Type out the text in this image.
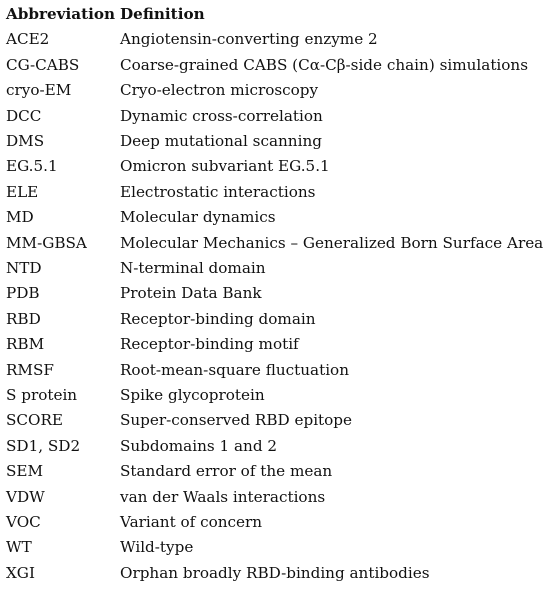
Abbreviation Definition
ACE2	Angiotensin-converting enzyme 2
CG-CABS	Coarse-grained CABS (Cα-Cβ-side chain) simulations
cryo-EM	Cryo-electron microscopy
DCC	Dynamic cross-correlation
DMS	Deep mutational scanning
EG.5.1	Omicron subvariant EG.5.1
ELE	Electrostatic interactions
MD	Molecular dynamics
MM-GBSA	Molecular Mechanics – Generalized Born Surface Area
NTD	N-terminal domain
PDB	Protein Data Bank
RBD	Receptor-binding domain
RBM	Receptor-binding motif
RMSF	Root-mean-square fluctuation
S protein	Spike glycoprotein
SCORE	Super-conserved RBD epitope
SD1, SD2	Subdomains 1 and 2
SEM	Standard error of the mean
VDW	van der Waals interactions
VOC	Variant of concern
WT	Wild-type
XGI	Orphan broadly RBD-binding antibodies
